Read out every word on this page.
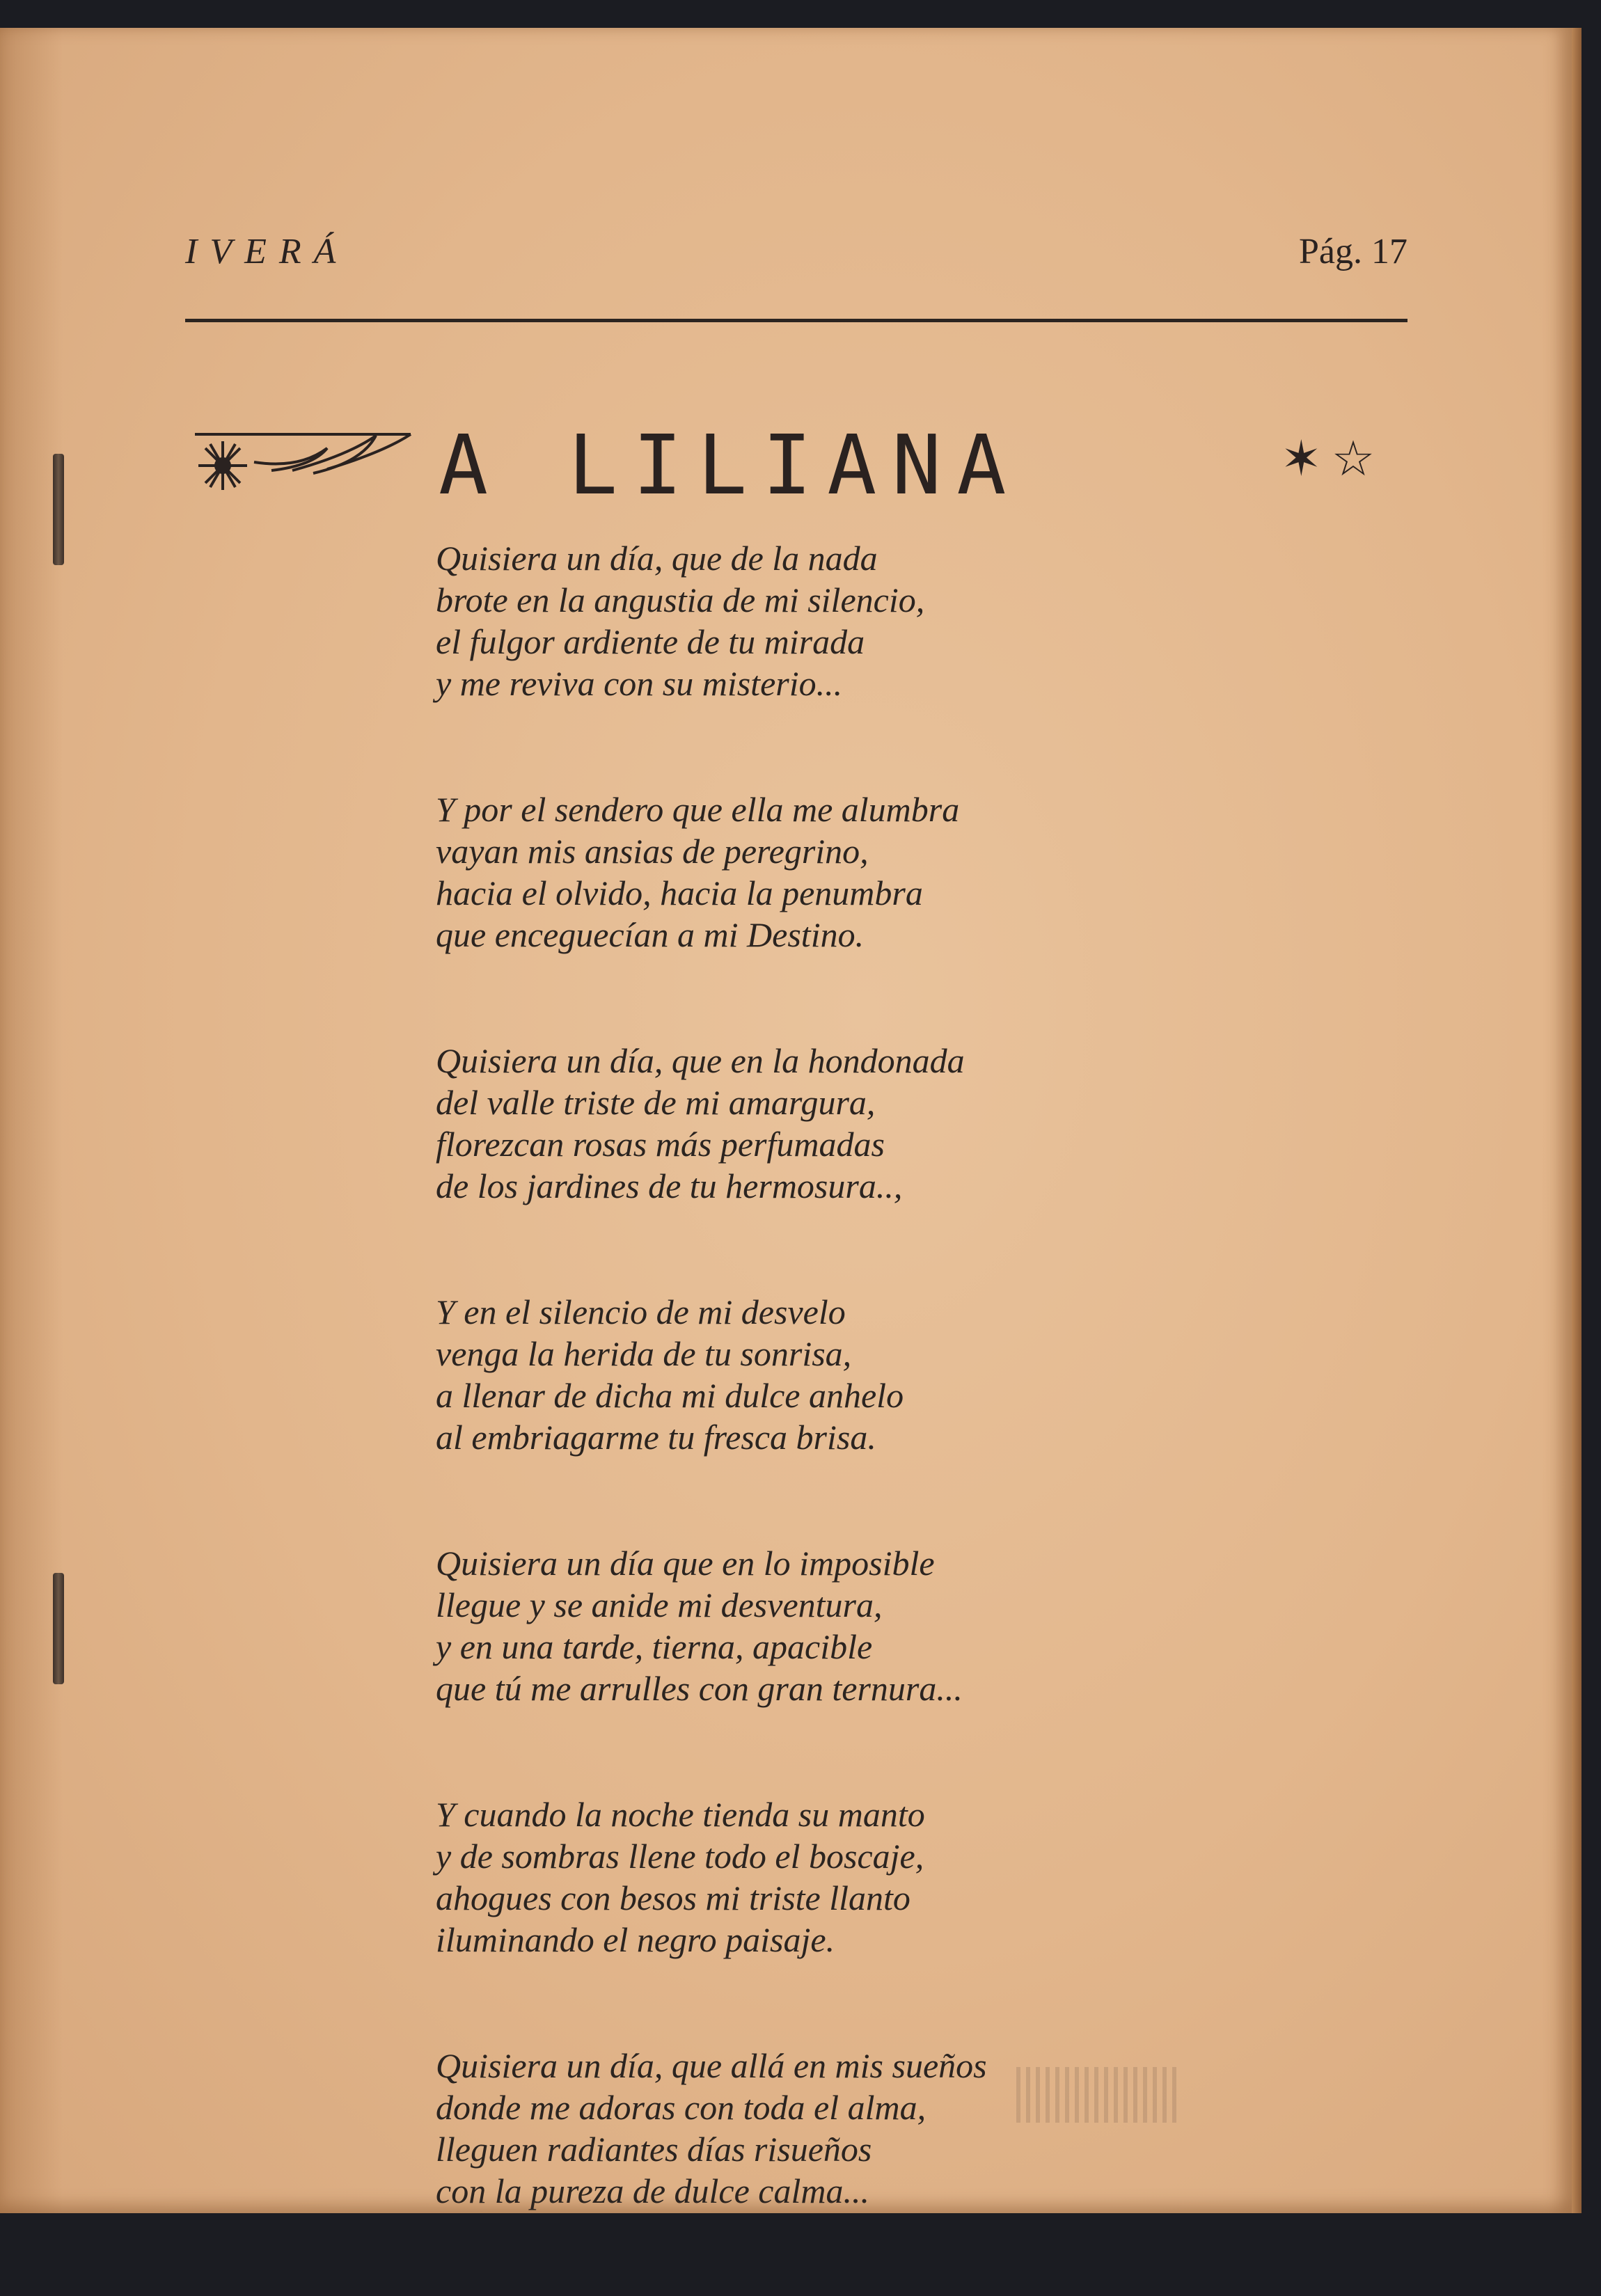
IVERÁ	Pág. 17
A LILIANA	✶☆

Quisiera un día, que de la nada
brote en la angustia de mi silencio,
el fulgor ardiente de tu mirada
y me reviva con su misterio...

Y por el sendero que ella me alumbra
vayan mis ansias de peregrino,
hacia el olvido, hacia la penumbra
que enceguecían a mi Destino.

Quisiera un día, que en la hondonada
del valle triste de mi amargura,
florezcan rosas más perfumadas
de los jardines de tu hermosura..,

Y en el silencio de mi desvelo
venga la herida de tu sonrisa,
a llenar de dicha mi dulce anhelo
al embriagarme tu fresca brisa.

Quisiera un día que en lo imposible
llegue y se anide mi desventura,
y en una tarde, tierna, apacible
que tú me arrulles con gran ternura...

Y cuando la noche tienda su manto
y de sombras llene todo el boscaje,
ahogues con besos mi triste llanto
iluminando el negro paisaje.

Quisiera un día, que allá en mis sueños
donde me adoras con toda el alma,
lleguen radiantes días risueños
con la pureza de dulce calma...
